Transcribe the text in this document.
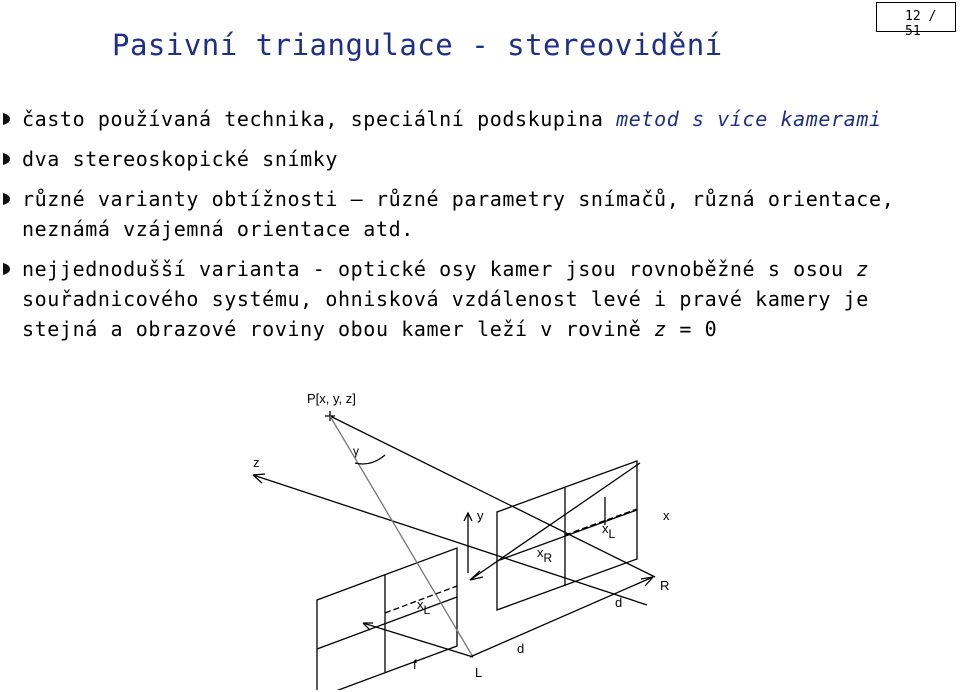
Pasivní triangulace - stereovidění
12 /
51
často používaná technika, speciální podskupina metod s více kamerami
dva stereoskopické snímky
různé varianty obtížnosti – různé parametry snímačů, různá orientace, neznámá vzájemná orientace atd.
nejjednodušší varianta - optické osy kamer jsou rovnoběžné s osou z souřadnicového systému, ohnisková vzdálenost levé i pravé kamery je stejná a obrazové roviny obou kamer leží v rovině z = 0
P[x, y, z]
γ
z
y	x
xR
xL
xL
R
L
d
d
f
